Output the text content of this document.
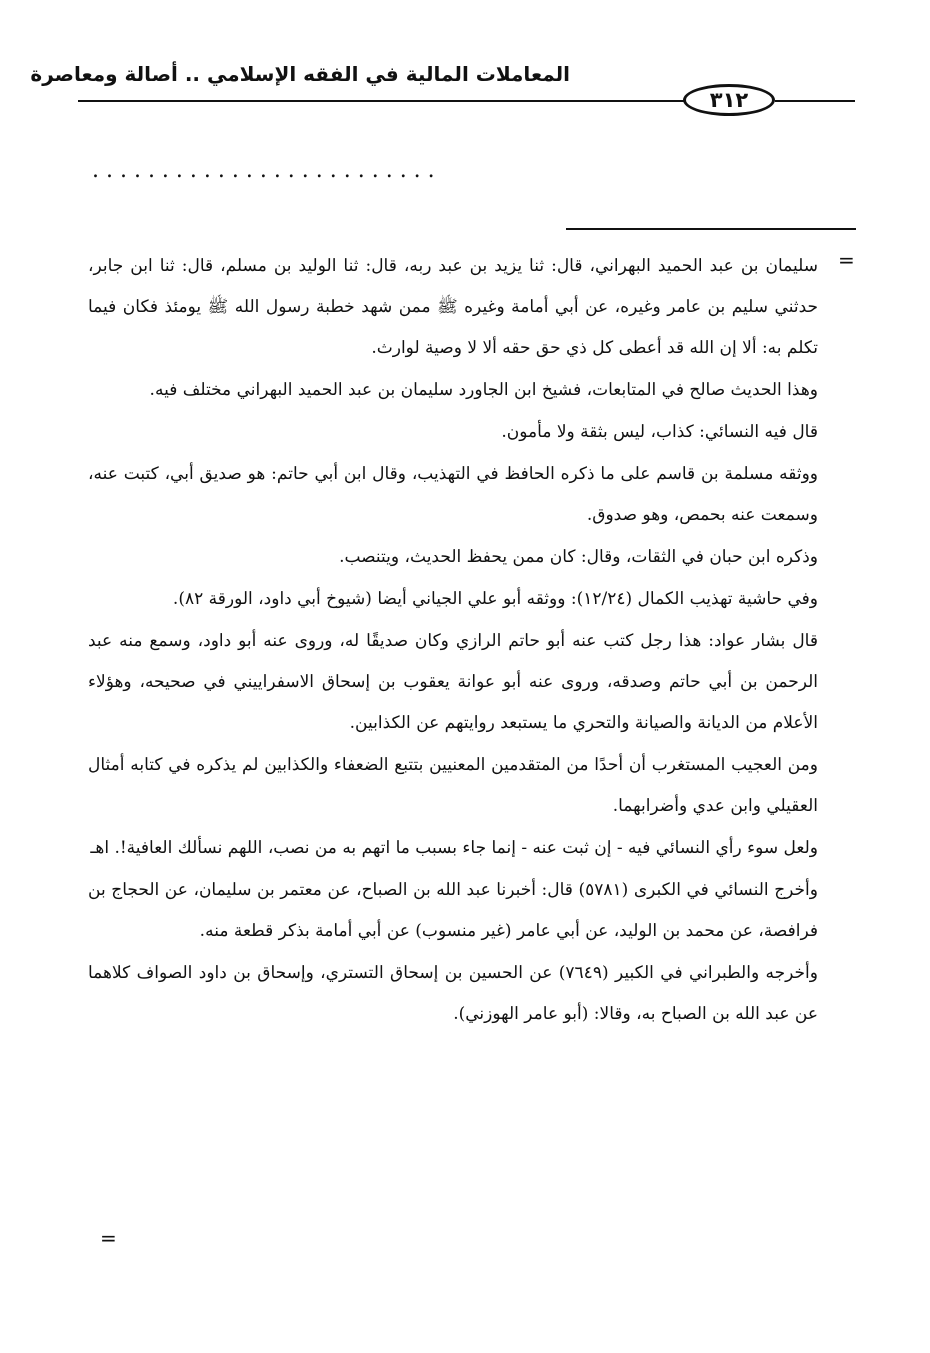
المعاملات المالية في الفقه الإسلامي .. أصالة ومعاصرة
٣١٢
. . . . . . . . . . . . . . . . . . . . . . . . .
=

سليمان بن عبد الحميد البهراني، قال: ثنا يزيد بن عبد ربه، قال: ثنا الوليد بن مسلم، قال: ثنا ابن جابر، حدثني سليم بن عامر وغيره، عن أبي أمامة وغيره ﷺ ممن شهد خطبة رسول الله ﷺ يومئذ فكان فيما تكلم به: ألا إن الله قد أعطى كل ذي حق حقه ألا لا وصية لوارث.

وهذا الحديث صالح في المتابعات، فشيخ ابن الجاورد سليمان بن عبد الحميد البهراني مختلف فيه.

قال فيه النسائي: كذاب، ليس بثقة ولا مأمون.

ووثقه مسلمة بن قاسم على ما ذكره الحافظ في التهذيب، وقال ابن أبي حاتم: هو صديق أبي، كتبت عنه، وسمعت عنه بحمص، وهو صدوق.

وذكره ابن حبان في الثقات، وقال: كان ممن يحفظ الحديث، ويتنصب.

وفي حاشية تهذيب الكمال (١٢/٢٤): ووثقه أبو علي الجياني أيضا (شيوخ أبي داود، الورقة ٨٢).

قال بشار عواد: هذا رجل كتب عنه أبو حاتم الرازي وكان صديقًا له، وروى عنه أبو داود، وسمع منه عبد الرحمن بن أبي حاتم وصدقه، وروى عنه أبو عوانة يعقوب بن إسحاق الاسفراييني في صحيحه، وهؤلاء الأعلام من الديانة والصيانة والتحري ما يستبعد روايتهم عن الكذابين.

ومن العجيب المستغرب أن أحدًا من المتقدمين المعنيين بتتبع الضعفاء والكذابين لم يذكره في كتابه أمثال العقيلي وابن عدي وأضرابهما.

ولعل سوء رأي النسائي فيه - إن ثبت عنه - إنما جاء بسبب ما اتهم به من نصب، اللهم نسألك العافية!. اهـ

وأخرج النسائي في الكبرى (٥٧٨١) قال: أخبرنا عبد الله بن الصباح، عن معتمر بن سليمان، عن الحجاج بن فرافصة، عن محمد بن الوليد، عن أبي عامر (غير منسوب) عن أبي أمامة بذكر قطعة منه.

وأخرجه والطبراني في الكبير (٧٦٤٩) عن الحسين بن إسحاق التستري، وإسحاق بن داود الصواف كلاهما عن عبد الله بن الصباح به، وقالا: (أبو عامر الهوزني).

=
